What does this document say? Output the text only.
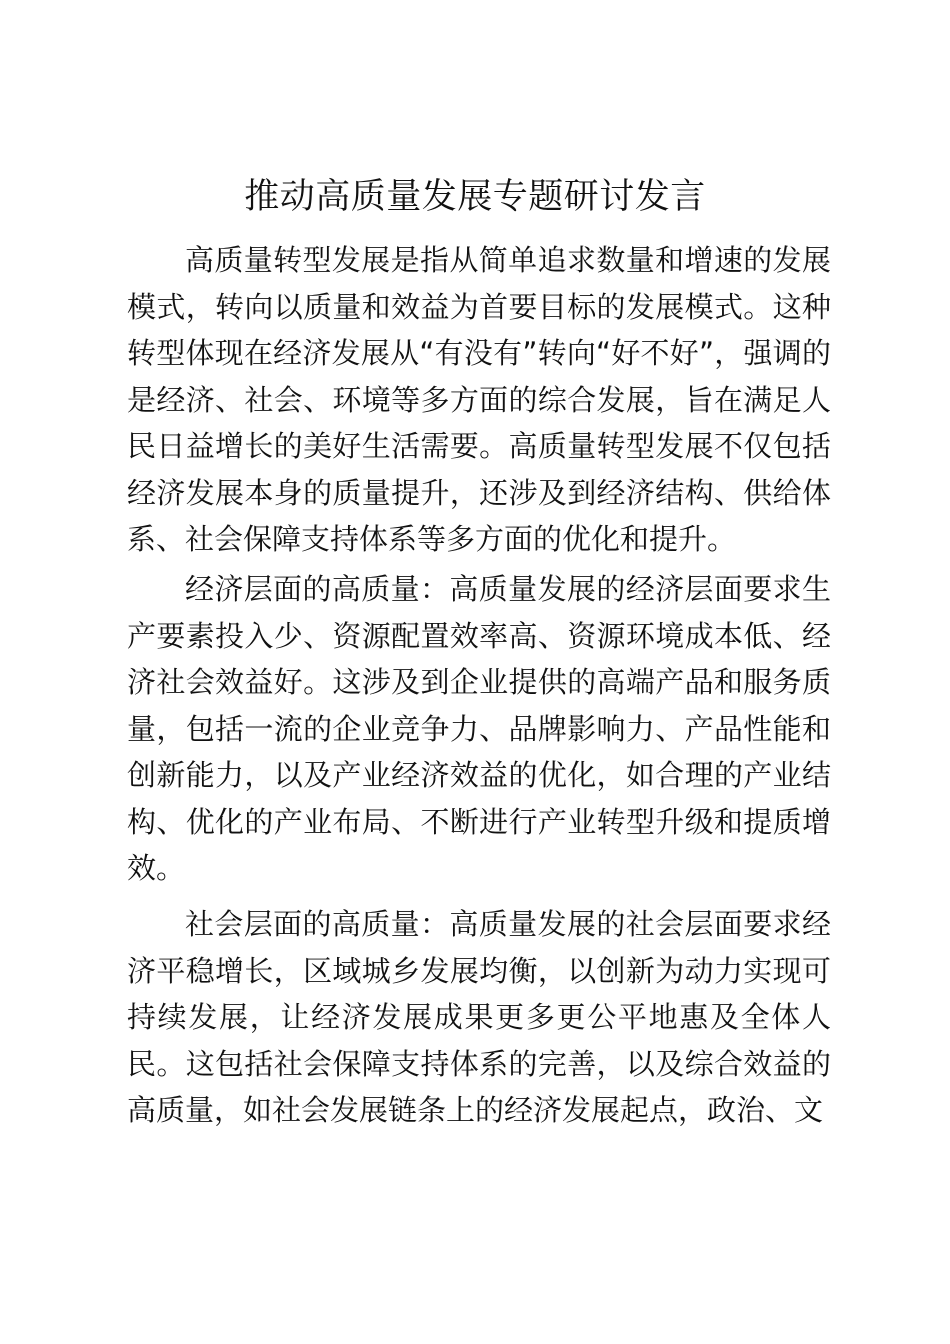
推动高质量发展专题研讨发言

高质量转型发展是指从简单追求数量和增速的发展模式，转向以质量和效益为首要目标的发展模式。这种转型体现在经济发展从“有没有”转向“好不好”，强调的是经济、社会、环境等多方面的综合发展，旨在满足人民日益增长的美好生活需要。高质量转型发展不仅包括经济发展本身的质量提升，还涉及到经济结构、供给体系、社会保障支持体系等多方面的优化和提升。

经济层面的高质量：高质量发展的经济层面要求生产要素投入少、资源配置效率高、资源环境成本低、经济社会效益好。这涉及到企业提供的高端产品和服务质量，包括一流的企业竞争力、品牌影响力、产品性能和创新能力，以及产业经济效益的优化，如合理的产业结构、优化的产业布局、不断进行产业转型升级和提质增效。

社会层面的高质量：高质量发展的社会层面要求经济平稳增长，区域城乡发展均衡，以创新为动力实现可持续发展，让经济发展成果更多更公平地惠及全体人民。这包括社会保障支持体系的完善，以及综合效益的高质量，如社会发展链条上的经济发展起点，政治、文
